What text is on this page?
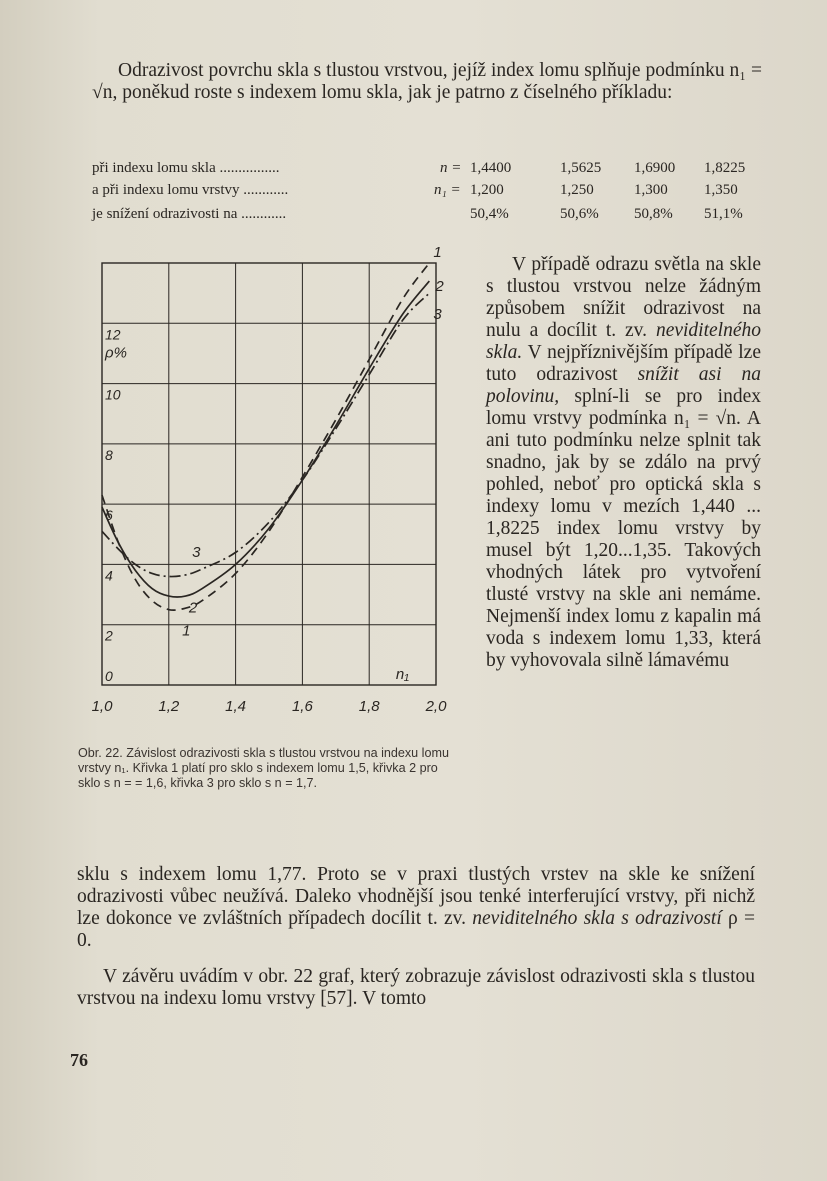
Odrazivost povrchu skla s tlustou vrstvou, jejíž index lomu splňuje podmínku n₁ = √n, poněkud roste s indexem lomu skla, jak je patrno z číselného příkladu:

při indexu lomu skla ................	n = 1,4400	1,5625 1,6900 1,8225
a při indexu lomu vrstvy ............	n₁ = 1,200	1,250	1,300 1,350
je snížení odrazivosti na ............	50,4%	50,6% 50,8% 51,1%
1
2
3
1
2
3
0
2
4
6
8
10
12
ρ%
1,0	1,2	1,4	1,6	1,8	2,0
n₁
Obr. 22. Závislost odrazivosti skla s tlustou vrstvou na indexu lomu vrstvy n₁. Křivka 1 platí pro sklo s indexem lomu 1,5, křivka 2 pro sklo s n = = 1,6, křivka 3 pro sklo s n = 1,7.

V případě odrazu světla na skle s tlustou vrstvou nelze žádným způsobem snížit odrazivost na nulu a docílit t. zv. neviditelného skla. V nejpříznivějším případě lze tuto odrazivost snížit asi na polovinu, splní-li se pro index lomu vrstvy podmínka n₁ = √n. A ani tuto podmínku nelze splnit tak snadno, jak by se zdálo na prvý pohled, neboť pro optická skla s indexy lomu v mezích 1,440 ... 1,8225 index lomu vrstvy by musel být 1,20...1,35. Takových vhodných látek pro vytvoření tlusté vrstvy na skle ani nemáme. Nejmenší index lomu z kapalin má voda s indexem lomu 1,33, která by vyhovovala silně lámavému

sklu s indexem lomu 1,77. Proto se v praxi tlustých vrstev na skle ke snížení odrazivosti vůbec neužívá. Daleko vhodnější jsou tenké interferující vrstvy, při nichž lze dokonce ve zvláštních případech docílit t. zv. neviditelného skla s odrazivostí ρ = 0.

V závěru uvádím v obr. 22 graf, který zobrazuje závislost odrazivosti skla s tlustou vrstvou na indexu lomu vrstvy [57]. V tomto

76
